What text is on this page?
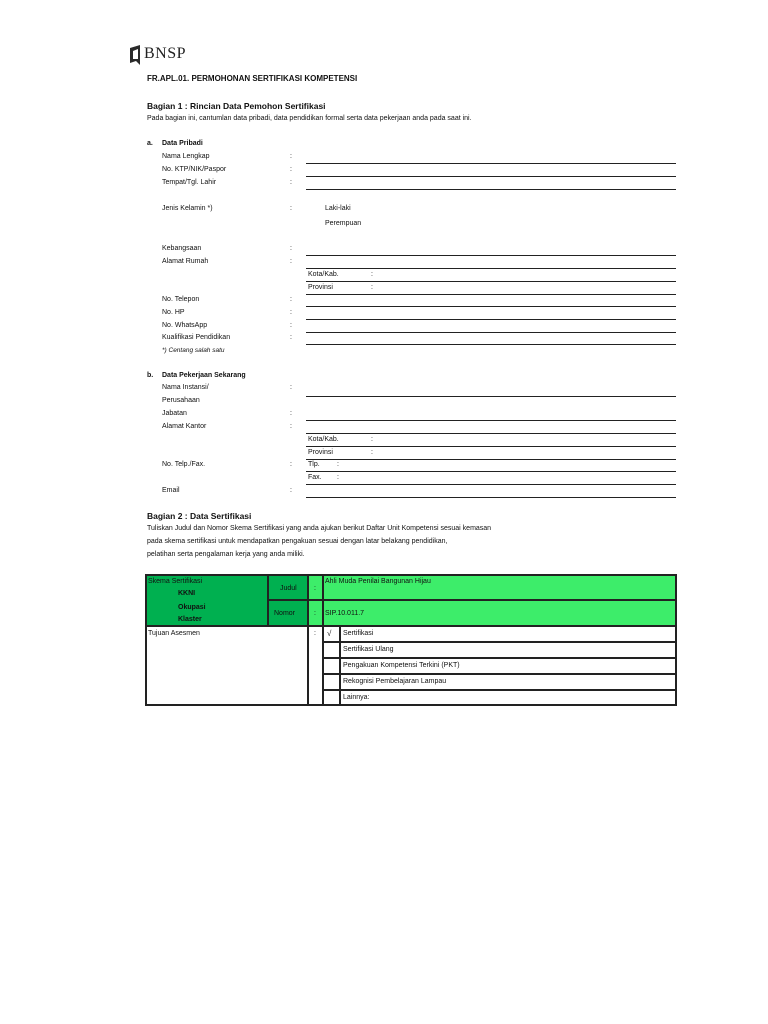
BNSP
FR.APL.01. PERMOHONAN SERTIFIKASI KOMPETENSI
Bagian 1 : Rincian Data Pemohon Sertifikasi
Pada bagian ini, cantumlan data pribadi, data pendidikan formal serta data pekerjaan anda pada saat ini.
a. Data Pribadi
Nama Lengkap	:
No. KTP/NIK/Paspor	:
Tempat/Tgl. Lahir	:
Jenis Kelamin *)	:	Laki-laki
Perempuan
Kebangsaan	:
Alamat Rumah	:
Kota/Kab.	:
Provinsi	:
No. Telepon	:
No. HP	:
No. WhatsApp	:
Kualifikasi Pendidikan	:
*) Centang salah satu
b. Data Pekerjaan Sekarang
Nama Instansi/	:
Perusahaan
Jabatan	:
Alamat Kantor	:
Kota/Kab.	:
Provinsi	:
No. Telp./Fax.	: Tlp. :
Fax. :
Email	:
Bagian 2 : Data Sertifikasi
Tuliskan Judul dan Nomor Skema Sertifikasi yang anda ajukan berikut Daftar Unit Kompetensi sesuai kemasan
pada skema sertifikasi untuk mendapatkan pengakuan sesuai dengan latar belakang pendidikan,
pelatihan serta pengalaman kerja yang anda miliki.
Skema Sertifikasi
KKNI
Okupasi
Klaster
Judul :
Ahli Muda Penilai Bangunan Hijau
Nomor	: SIP.10.011.7
Tujuan Asesmen	: √ Sertifikasi
Sertifikasi Ulang
Pengakuan Kompetensi Terkini (PKT)
Rekognisi Pembelajaran Lampau
Lainnya:
